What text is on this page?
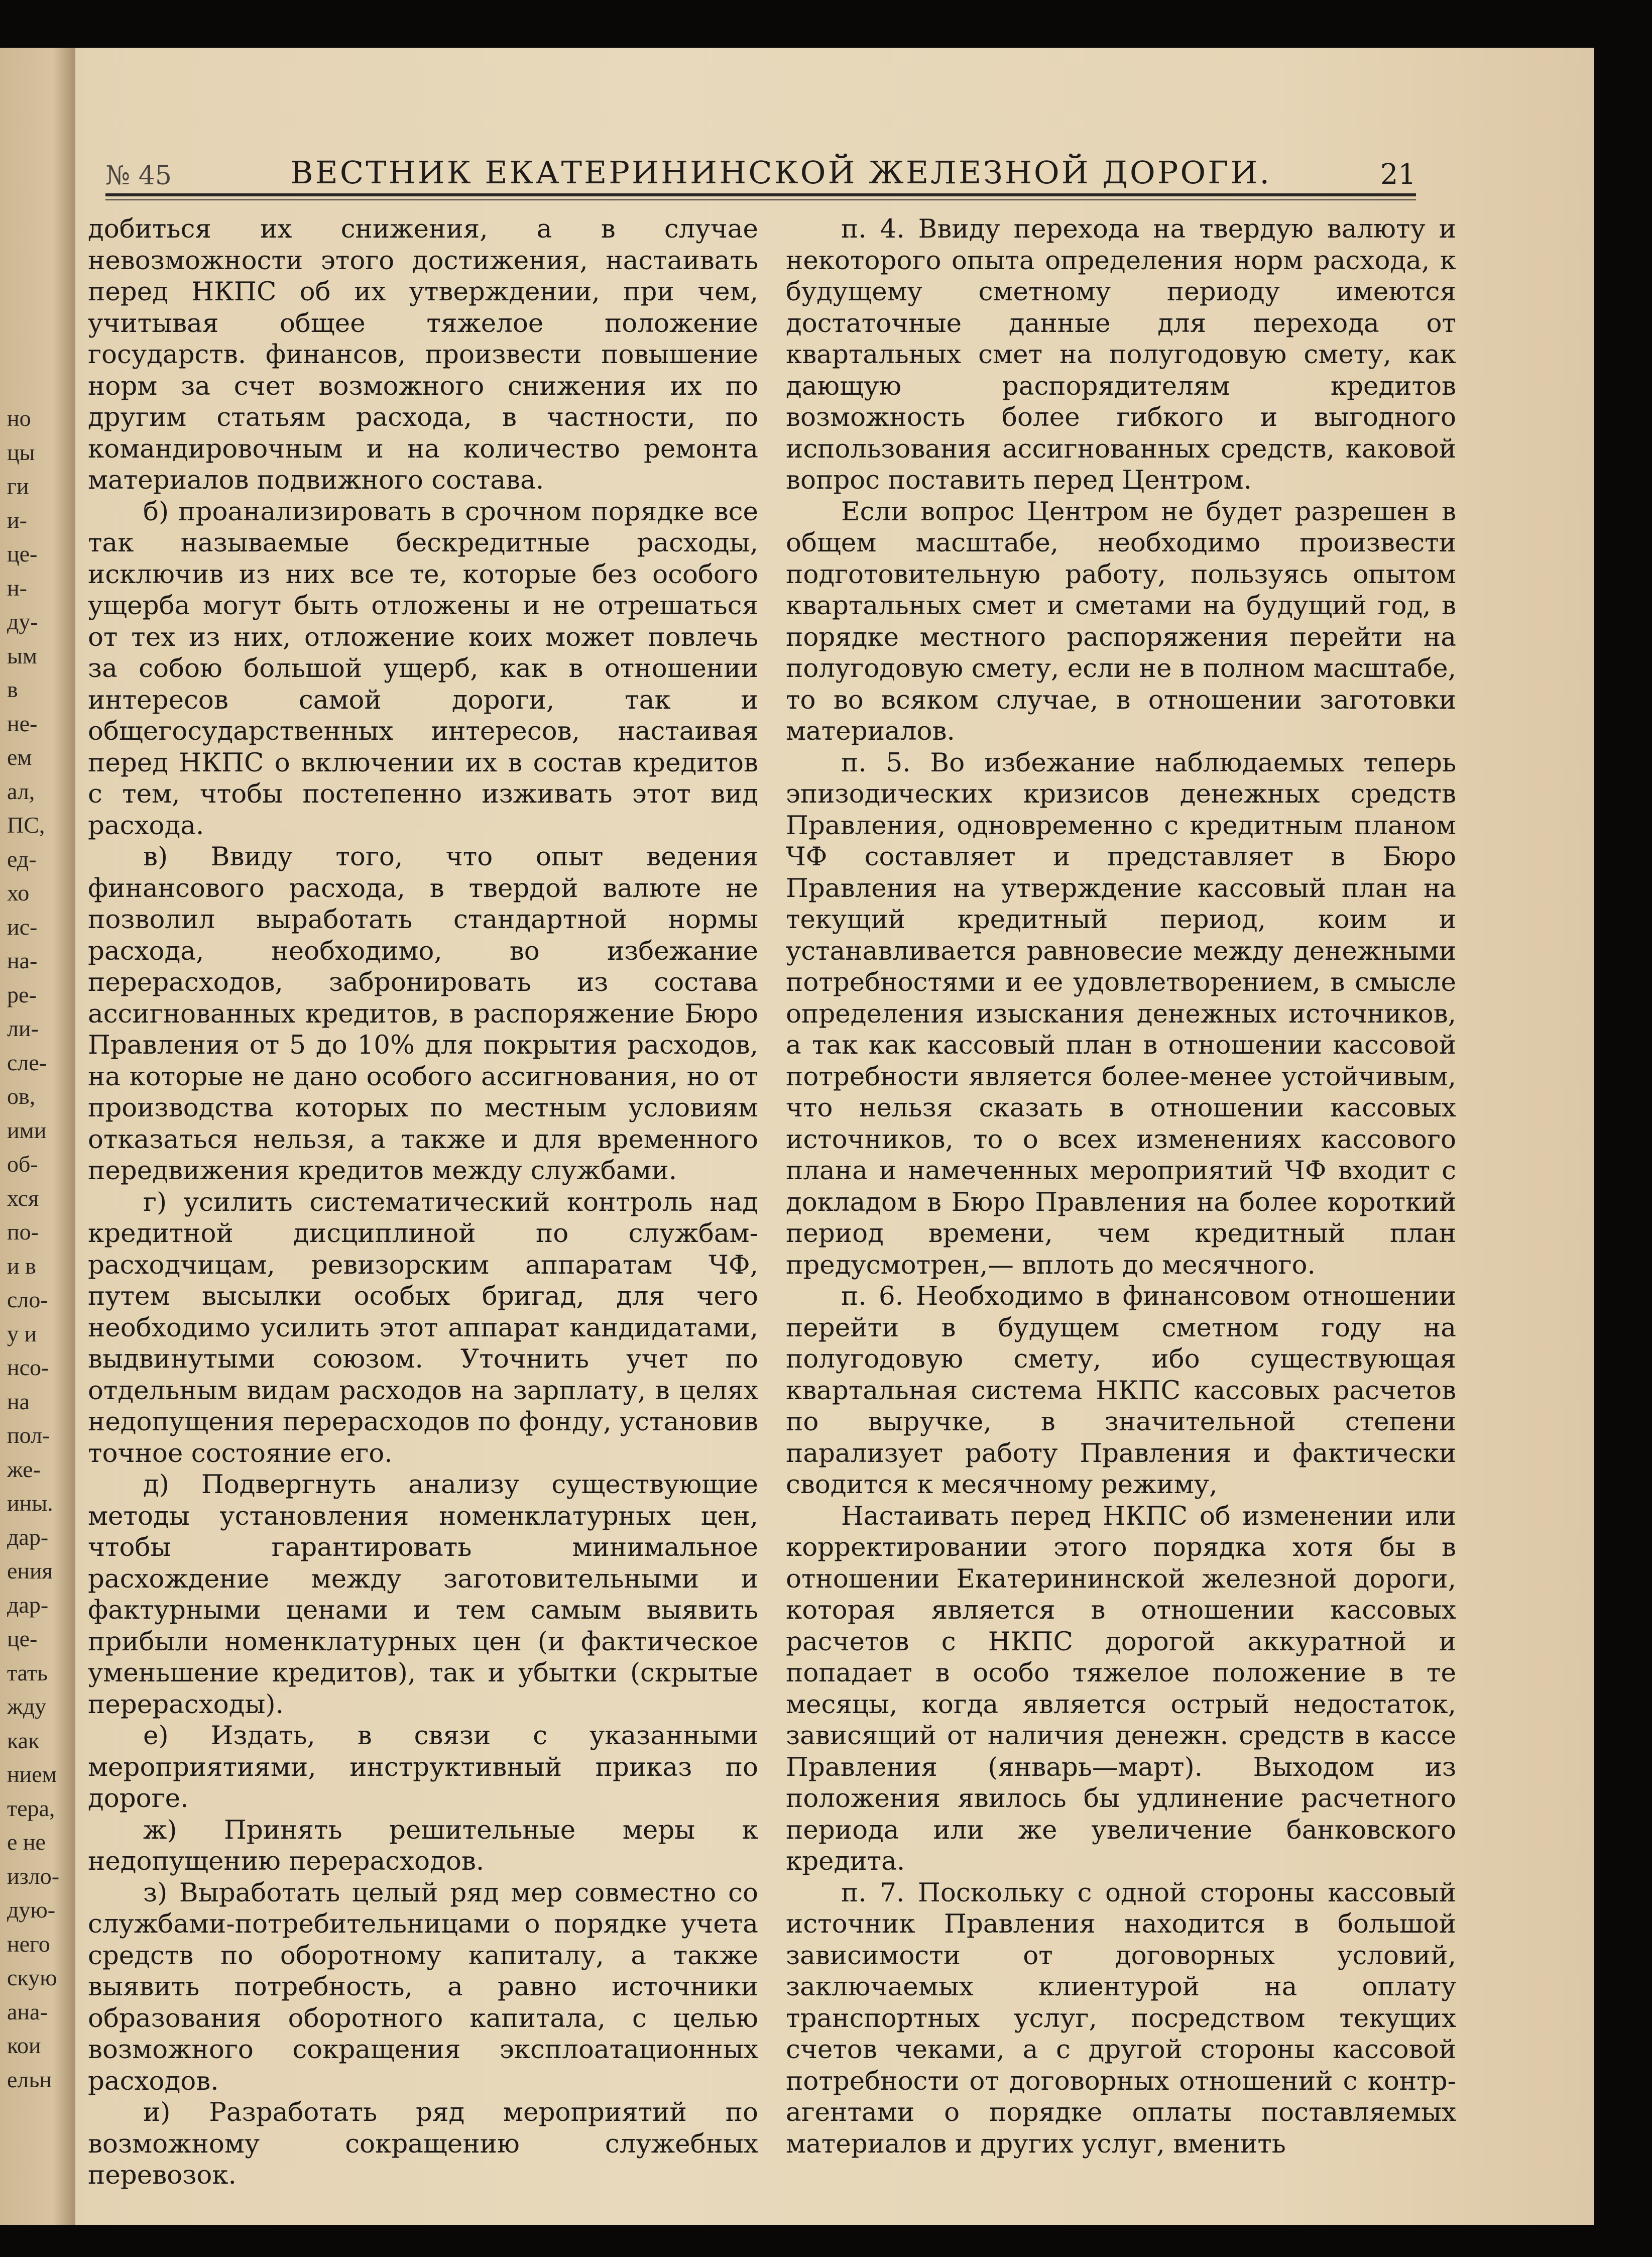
но
цы
ги
и-
це-
н-
ду-
ым
в
не-
ем
ал,
ПС,
ед-
хо
ис-
на-
ре-
ли-
сле-
ов,
ими
об-
хся
по-
и в
сло-
у и
нсо-
на
пол-
же-
ины.
дар-
ения
дар-
це-
тать
жду
как
нием
тера,
е не
изло-
дую-
него
скую
ана-
кои
ельн
№ 45	ВЕСТНИК ЕКАТЕРИНИНСКОЙ ЖЕЛЕЗНОЙ ДОРОГИ.	21

добиться их снижения, а в случае невозможности этого достижения, настаивать перед НКПС об их утверждении, при чем, учитывая общее тяжелое положение государств. финансов, произвести повышение норм за счет возможного снижения их по другим статьям расхода, в частности, по командировочным и на количество ремонта материалов подвижного состава.

б) проанализировать в срочном порядке все так называемые бескредитные расходы, исключив из них все те, которые без особого ущерба могут быть отложены и не отрешаться от тех из них, отложение коих может повлечь за собою большой ущерб, как в отношении интересов самой дороги, так и общегосударственных интересов, настаивая перед НКПС о включении их в состав кредитов с тем, чтобы постепенно изживать этот вид расхода.

в) Ввиду того, что опыт ведения финансового расхода, в твердой валюте не позволил выработать стандартной нормы расхода, необходимо, во избежание перерасходов, забронировать из состава ассигнованных кредитов, в распоряжение Бюро Правления от 5 до 10% для покрытия расходов, на которые не дано особого ассигнования, но от производства которых по местным условиям отказаться нельзя, а также и для временного передвижения кредитов между службами.

г) усилить систематический контроль над кредитной дисциплиной по службам-расходчицам, ревизорским аппаратам ЧФ, путем высылки особых бригад, для чего необходимо усилить этот аппарат кандидатами, выдвинутыми союзом. Уточнить учет по отдельным видам расходов на зарплату, в целях недопущения перерасходов по фонду, установив точное состояние его.

д) Подвергнуть анализу существующие методы установления номенклатурных цен, чтобы гарантировать минимальное расхождение между заготовительными и фактурными ценами и тем самым выявить прибыли номенклатурных цен (и фактическое уменьшение кредитов), так и убытки (скрытые перерасходы).

е) Издать, в связи с указанными мероприятиями, инструктивный приказ по дороге.

ж) Принять решительные меры к недопущению перерасходов.

з) Выработать целый ряд мер совместно со службами-потребительницами о порядке учета средств по оборотному капиталу, а также выявить потребность, а равно источники образования оборотного капитала, с целью возможного сокращения эксплоатационных расходов.

и) Разработать ряд мероприятий по возможному сокращению служебных перевозок.

п. 4. Ввиду перехода на твердую валюту и некоторого опыта определения норм расхода, к будущему сметному периоду имеются достаточные данные для перехода от квартальных смет на полугодовую смету, как дающую распорядителям кредитов возможность более гибкого и выгодного использования ассигнованных средств, каковой вопрос поставить перед Центром.

Если вопрос Центром не будет разрешен в общем масштабе, необходимо произвести подготовительную работу, пользуясь опытом квартальных смет и сметами на будущий год, в порядке местного распоряжения перейти на полугодовую смету, если не в полном масштабе, то во всяком случае, в отношении заготовки материалов.

п. 5. Во избежание наблюдаемых теперь эпизодических кризисов денежных средств Правления, одновременно с кредитным планом ЧФ составляет и представляет в Бюро Правления на утверждение кассовый план на текущий кредитный период, коим и устанавливается равновесие между денежными потребностями и ее удовлетворением, в смысле определения изыскания денежных источников, а так как кассовый план в отношении кассовой потребности является более-менее устойчивым, что нельзя сказать в отношении кассовых источников, то о всех изменениях кассового плана и намеченных мероприятий ЧФ входит с докладом в Бюро Правления на более короткий период времени, чем кредитный план предусмотрен,— вплоть до месячного.

п. 6. Необходимо в финансовом отношении перейти в будущем сметном году на полугодовую смету, ибо существующая квартальная система НКПС кассовых расчетов по выручке, в значительной степени парализует работу Правления и фактически сводится к месячному режиму,

Настаивать перед НКПС об изменении или корректировании этого порядка хотя бы в отношении Екатерининской железной дороги, которая является в отношении кассовых расчетов с НКПС дорогой аккуратной и попадает в особо тяжелое положение в те месяцы, когда является острый недостаток, зависящий от наличия денежн. средств в кассе Правления (январь—март). Выходом из положения явилось бы удлинение расчетного периода или же увеличение банковского кредита.

п. 7. Поскольку с одной стороны кассовый источник Правления находится в большой зависимости от договорных условий, заключаемых клиентурой на оплату транспортных услуг, посредством текущих счетов чеками, а с другой стороны кассовой потребности от договорных отношений с контр-агентами о порядке оплаты поставляемых материалов и других услуг, вменить
